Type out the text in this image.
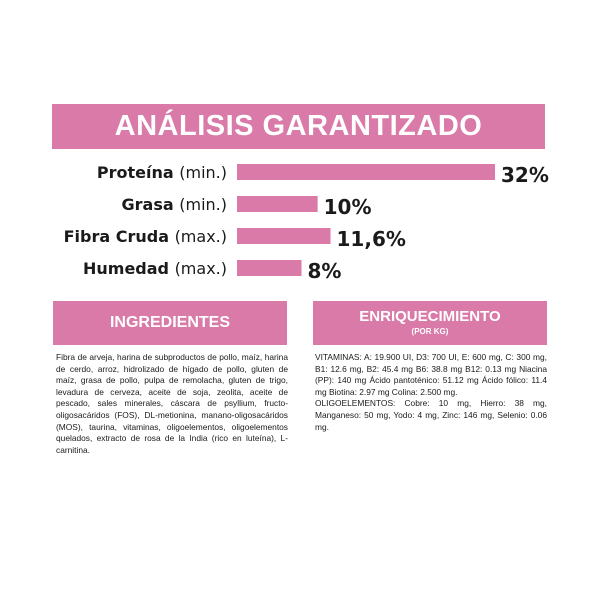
ANÁLISIS GARANTIZADO
Proteína (min.)	32%
Grasa (min.)	10%
Fibra Cruda (max.)	11,6%
Humedad (max.)	8%
INGREDIENTES

Fibra de arveja, harina de subproductos de pollo, maíz, harina de cerdo, arroz, hidrolizado de hígado de pollo, gluten de maíz, grasa de pollo, pulpa de remolacha, gluten de trigo, levadura de cerveza, aceite de soja, zeolita, aceite de pescado, sales minerales, cáscara de psyllium, fructo-oligosacáridos (FOS), DL-metionina, manano-oligosacáridos (MOS), taurina, vitaminas, oligoelementos, oligoelementos quelados, extracto de rosa de la India (rico en luteína), L-carnitina.

ENRIQUECIMIENTO
(POR KG)

VITAMINAS: A: 19.900 UI, D3: 700 UI, E: 600 mg, C: 300 mg, B1: 12.6 mg, B2: 45.4 mg B6: 38.8 mg B12: 0.13 mg Niacina (PP): 140 mg Ácido pantoténico: 51.12 mg Ácido fólico: 11.4 mg Biotina: 2.97 mg Colina: 2.500 mg.

OLIGOELEMENTOS: Cobre: 10 mg, Hierro: 38 mg, Manganeso: 50 mg, Yodo: 4 mg, Zinc: 146 mg, Selenio: 0.06 mg.
